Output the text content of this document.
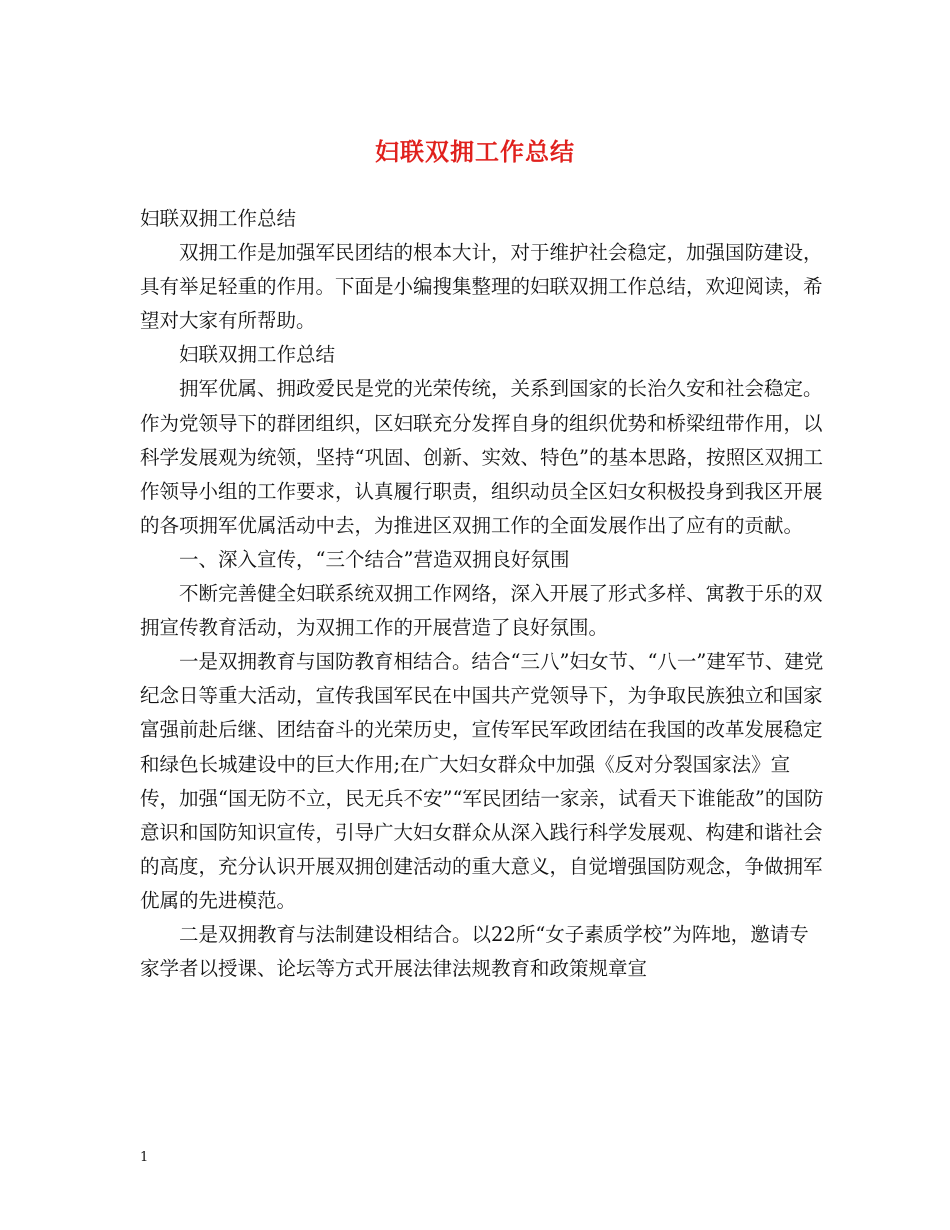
妇联双拥工作总结

妇联双拥工作总结

双拥工作是加强军民团结的根本大计，对于维护社会稳定，加强国防建设，具有举足轻重的作用。下面是小编搜集整理的妇联双拥工作总结，欢迎阅读，希望对大家有所帮助。

妇联双拥工作总结

拥军优属、拥政爱民是党的光荣传统，关系到国家的长治久安和社会稳定。作为党领导下的群团组织，区妇联充分发挥自身的组织优势和桥梁纽带作用，以科学发展观为统领，坚持“巩固、创新、实效、特色”的基本思路，按照区双拥工作领导小组的工作要求，认真履行职责，组织动员全区妇女积极投身到我区开展的各项拥军优属活动中去，为推进区双拥工作的全面发展作出了应有的贡献。

一、深入宣传，“三个结合”营造双拥良好氛围

不断完善健全妇联系统双拥工作网络，深入开展了形式多样、寓教于乐的双拥宣传教育活动，为双拥工作的开展营造了良好氛围。

一是双拥教育与国防教育相结合。结合“三八”妇女节、“八一”建军节、建党纪念日等重大活动，宣传我国军民在中国共产党领导下，为争取民族独立和国家富强前赴后继、团结奋斗的光荣历史，宣传军民军政团结在我国的改革发展稳定和绿色长城建设中的巨大作用;在广大妇女群众中加强《反对分裂国家法》宣传，加强“国无防不立，民无兵不安”“军民团结一家亲，试看天下谁能敌”的国防意识和国防知识宣传，引导广大妇女群众从深入践行科学发展观、构建和谐社会的高度，充分认识开展双拥创建活动的重大意义，自觉增强国防观念，争做拥军优属的先进模范。

二是双拥教育与法制建设相结合。以22所“女子素质学校”为阵地，邀请专家学者以授课、论坛等方式开展法律法规教育和政策规章宣

1
